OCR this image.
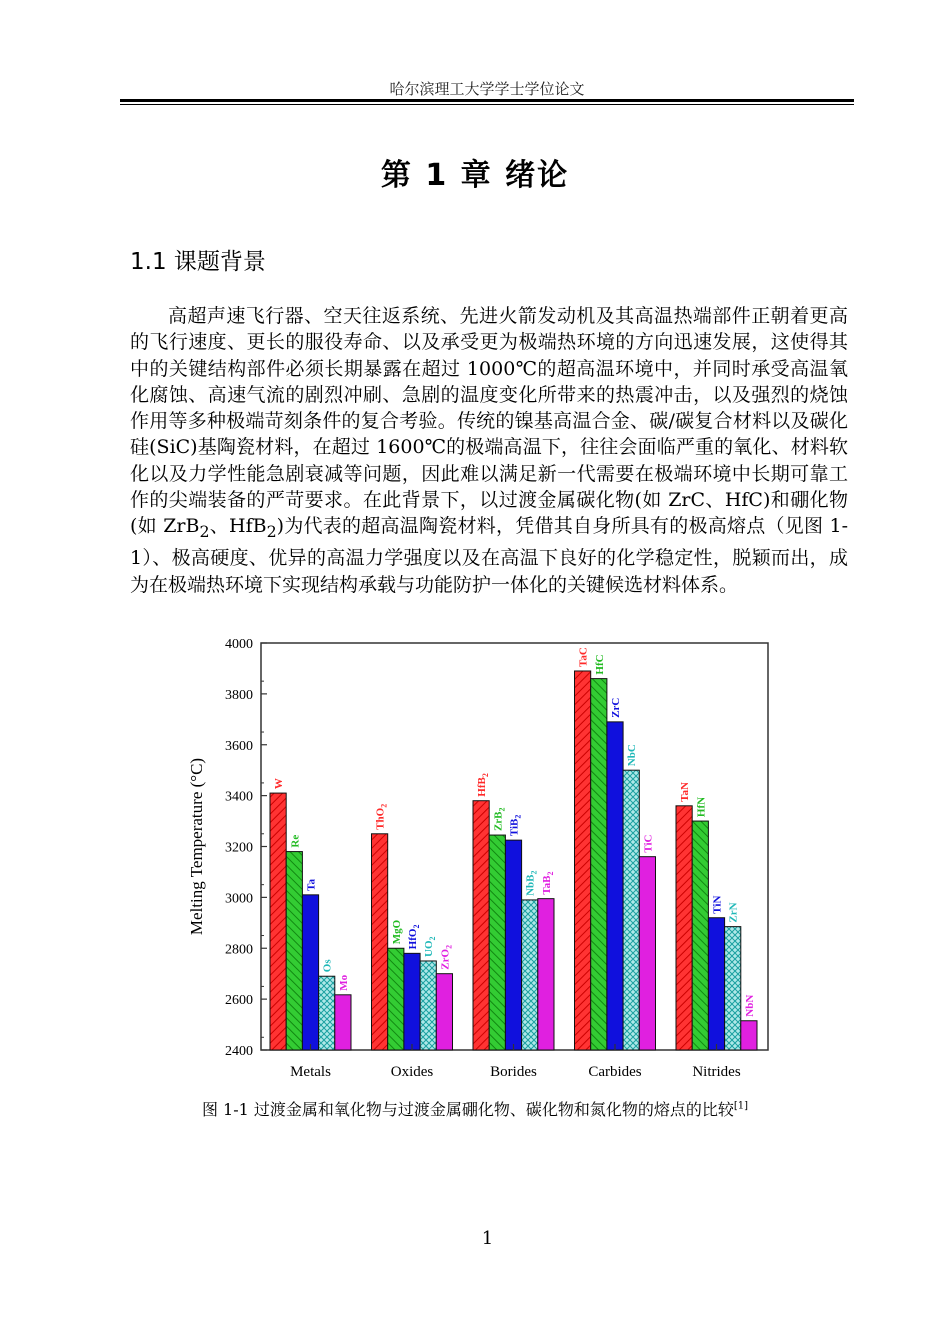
哈尔滨理工大学学士学位论文
第 1 章 绪论
1.1 课题背景

高超声速飞行器、空天往返系统、先进火箭发动机及其高温热端部件正朝着更高的飞行速度、更长的服役寿命、以及承受更为极端热环境的方向迅速发展，这使得其中的关键结构部件必须长期暴露在超过 1000℃的超高温环境中，并同时承受高温氧化腐蚀、高速气流的剧烈冲刷、急剧的温度变化所带来的热震冲击，以及强烈的烧蚀作用等多种极端苛刻条件的复合考验。传统的镍基高温合金、碳/碳复合材料以及碳化硅(SiC)基陶瓷材料，在超过 1600℃的极端高温下，往往会面临严重的氧化、材料软化以及力学性能急剧衰减等问题，因此难以满足新一代需要在极端环境中长期可靠工作的尖端装备的严苛要求。在此背景下，以过渡金属碳化物(如 ZrC、HfC)和硼化物(如 ZrB$_2$、HfB$_2$)为代表的超高温陶瓷材料，凭借其自身所具有的极高熔点（见图 1-1）、极高硬度、优异的高温力学强度以及在高温下良好的化学稳定性，脱颖而出，成为在极端热环境下实现结构承载与功能防护一体化的关键候选材料体系。

2400
2600
2800
3000
3200
3400
3600
3800
4000
Melting Temperature (°C)	W
Re
Ta
Os
Mo
Metals
ThO$_2$
MgO HfO$_2$
$UO_2$
ZrO$_2$
Oxides
HfB$_2$
ZrB$_2$
TiB$_2$
NbB$_2$
TaB$_2$
Borides
TaC HfC
ZrC
NbC
TiC
Carbides
TaN
HfN
TiN ZrN
NbN
Nitrides
图 1-1 过渡金属和氧化物与过渡金属硼化物、碳化物和氮化物的熔点的比较[1]
1
